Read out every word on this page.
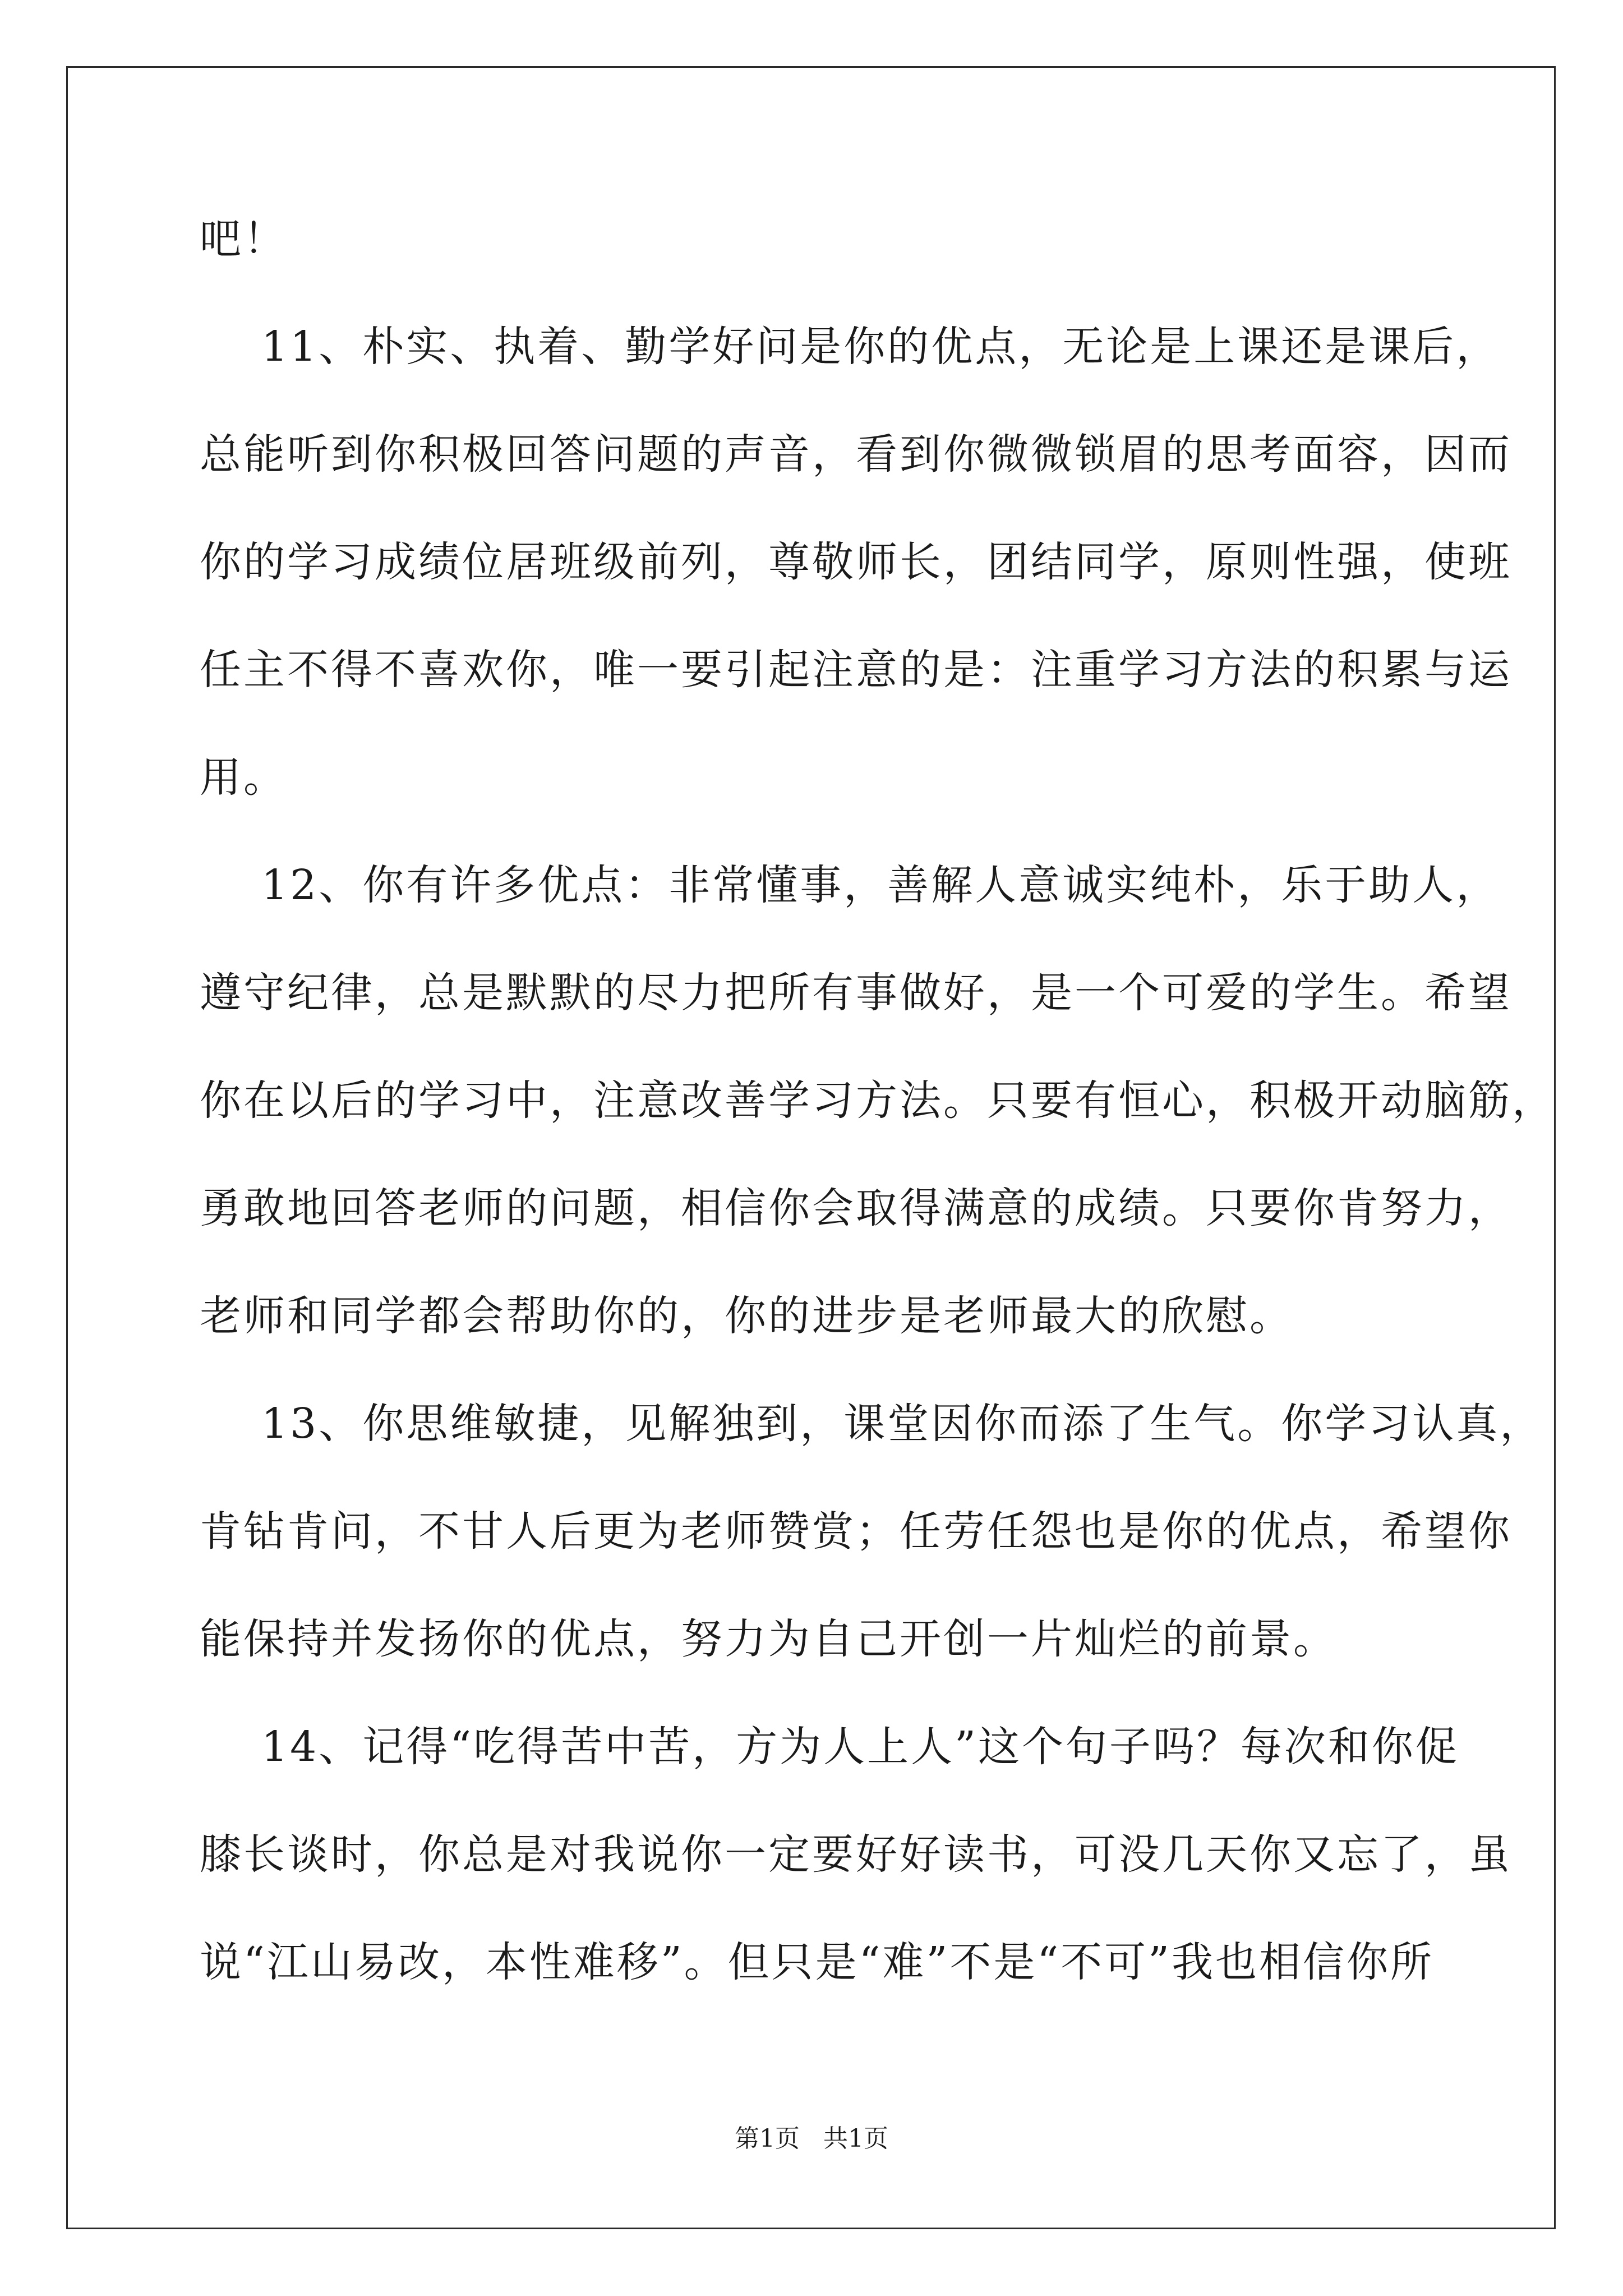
吧！
11、朴实、执着、勤学好问是你的优点，无论是上课还是课后，
总能听到你积极回答问题的声音，看到你微微锁眉的思考面容，因而
你的学习成绩位居班级前列，尊敬师长，团结同学，原则性强，使班
任主不得不喜欢你，唯一要引起注意的是：注重学习方法的积累与运
用。
12、你有许多优点：非常懂事，善解人意诚实纯朴，乐于助人，
遵守纪律，总是默默的尽力把所有事做好，是一个可爱的学生。希望
你在以后的学习中，注意改善学习方法。只要有恒心，积极开动脑筋，
勇敢地回答老师的问题，相信你会取得满意的成绩。只要你肯努力，
老师和同学都会帮助你的，你的进步是老师最大的欣慰。
13、你思维敏捷，见解独到，课堂因你而添了生气。你学习认真，
肯钻肯问，不甘人后更为老师赞赏；任劳任怨也是你的优点，希望你
能保持并发扬你的优点，努力为自己开创一片灿烂的前景。
14、记得“吃得苦中苦，方为人上人”这个句子吗？每次和你促
膝长谈时，你总是对我说你一定要好好读书，可没几天你又忘了，虽
说“江山易改，本性难移”。但只是“难”不是“不可”我也相信你所
第1页   共1页
